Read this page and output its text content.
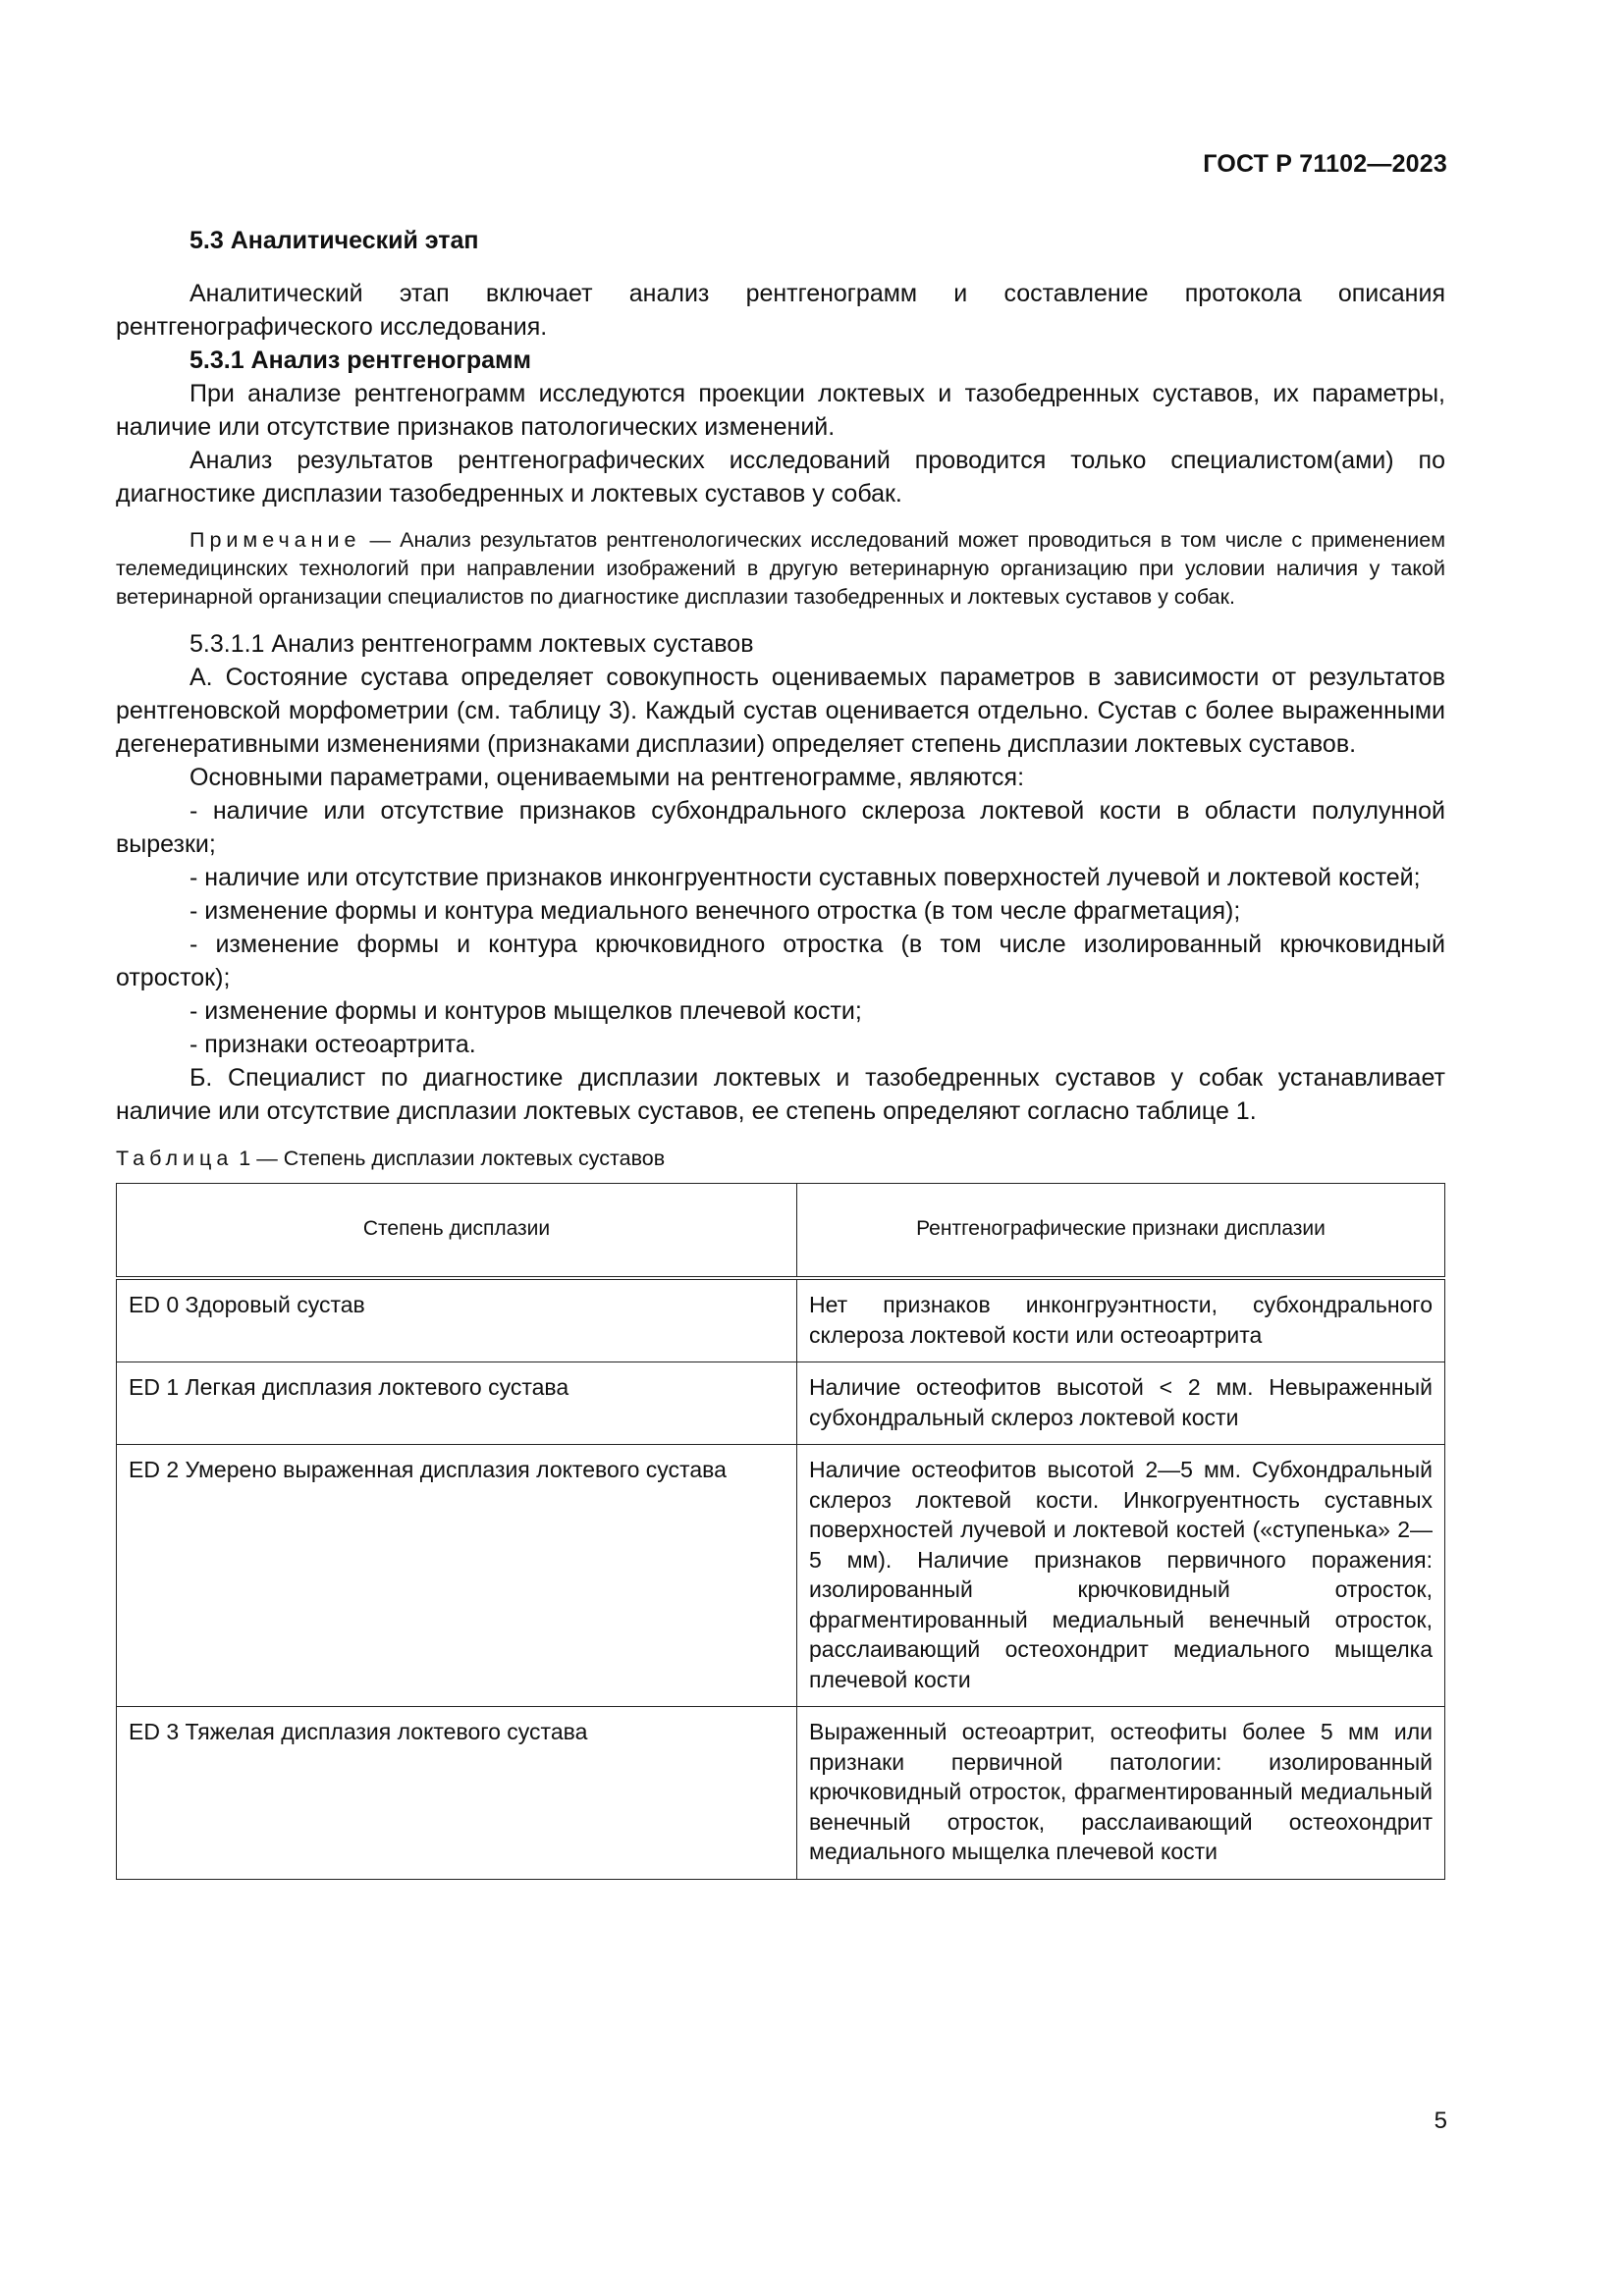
ГОСТ Р 71102—2023
5.3 Аналитический этап

Аналитический этап включает анализ рентгенограмм и составление протокола описания рентгенографического исследования.

5.3.1 Анализ рентгенограмм

При анализе рентгенограмм исследуются проекции локтевых и тазобедренных суставов, их параметры, наличие или отсутствие признаков патологических изменений.

Анализ результатов рентгенографических исследований проводится только специалистом(ами) по диагностике дисплазии тазобедренных и локтевых суставов у собак.

Примечание — Анализ результатов рентгенологических исследований может проводиться в том числе с применением телемедицинских технологий при направлении изображений в другую ветеринарную организацию при условии наличия у такой ветеринарной организации специалистов по диагностике дисплазии тазобедренных и локтевых суставов у собак.
5.3.1.1 Анализ рентгенограмм локтевых суставов

А. Состояние сустава определяет совокупность оцениваемых параметров в зависимости от результатов рентгеновской морфометрии (см. таблицу 3). Каждый сустав оценивается отдельно. Сустав с более выраженными дегенеративными изменениями (признаками дисплазии) определяет степень дисплазии локтевых суставов.

Основными параметрами, оцениваемыми на рентгенограмме, являются:

- наличие или отсутствие признаков субхондрального склероза локтевой кости в области полулунной вырезки;
- наличие или отсутствие признаков инконгруентности суставных поверхностей лучевой и локтевой костей;
- изменение формы и контура медиального венечного отростка (в том чесле фрагметация);
- изменение формы и контура крючковидного отростка (в том числе изолированный крючковидный отросток);
- изменение формы и контуров мыщелков плечевой кости;
- признаки остеоартрита.

Б. Специалист по диагностике дисплазии локтевых и тазобедренных суставов у собак устанавливает наличие или отсутствие дисплазии локтевых суставов, ее степень определяют согласно таблице 1.

Таблица 1 — Степень дисплазии локтевых суставов
Степень дисплазии	Рентгенографические признаки дисплазии
ED 0 Здоровый сустав	Нет признаков инконгруэнтности, субхондрального склероза локтевой кости или остеоартрита
ED 1 Легкая дисплазия локтевого сустава	Наличие остеофитов высотой < 2 мм. Невыраженный субхондральный склероз локтевой кости
ED 2 Умерено выраженная дисплазия локтевого сустава	Наличие остеофитов высотой 2—5 мм. Субхондральный склероз локтевой кости. Инкогруентность суставных поверхностей лучевой и локтевой костей («ступенька» 2—5 мм). Наличие признаков первичного поражения: изолированный крючковидный отросток, фрагментированный медиальный венечный отросток, расслаивающий остеохондрит медиального мыщелка плечевой кости
ED 3 Тяжелая дисплазия локтевого сустава	Выраженный остеоартрит, остеофиты более 5 мм или признаки первичной патологии: изолированный крючковидный отросток, фрагментированный медиальный венечный отросток, расслаивающий остеохондрит медиального мыщелка плечевой кости
5
